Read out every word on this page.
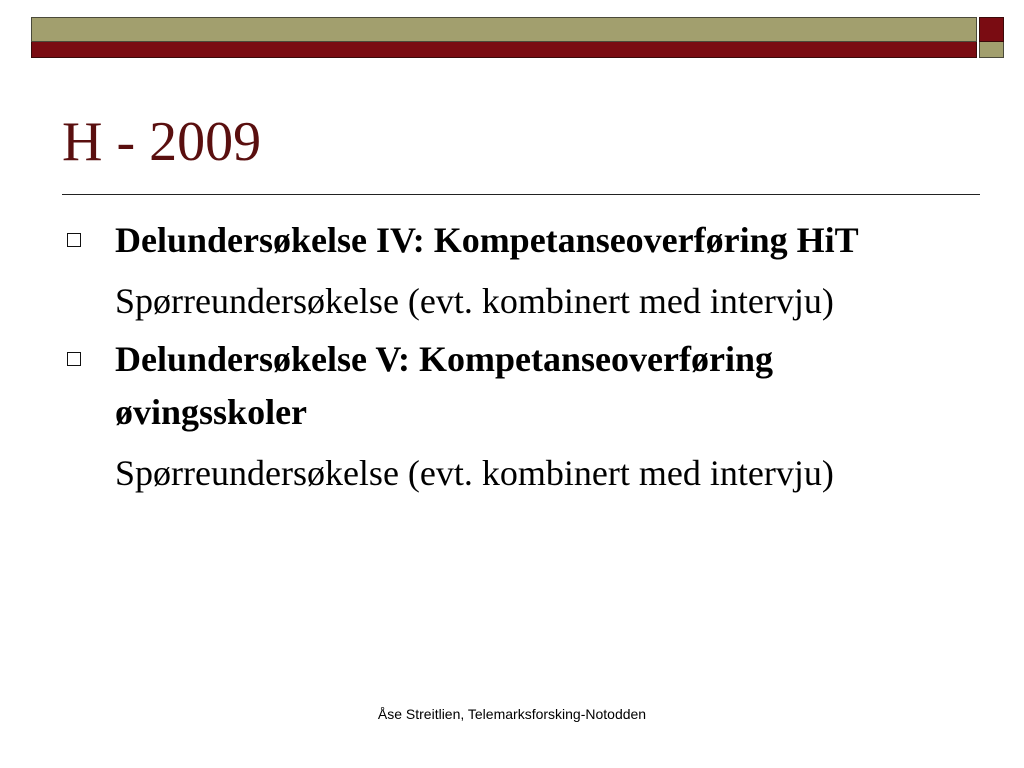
H - 2009

Delundersøkelse IV: Kompetanseoverføring HiT

Spørreundersøkelse (evt. kombinert med intervju)

Delundersøkelse V: Kompetanseoverføring øvingsskoler

Spørreundersøkelse (evt. kombinert med intervju)

Åse Streitlien, Telemarksforsking-Notodden
